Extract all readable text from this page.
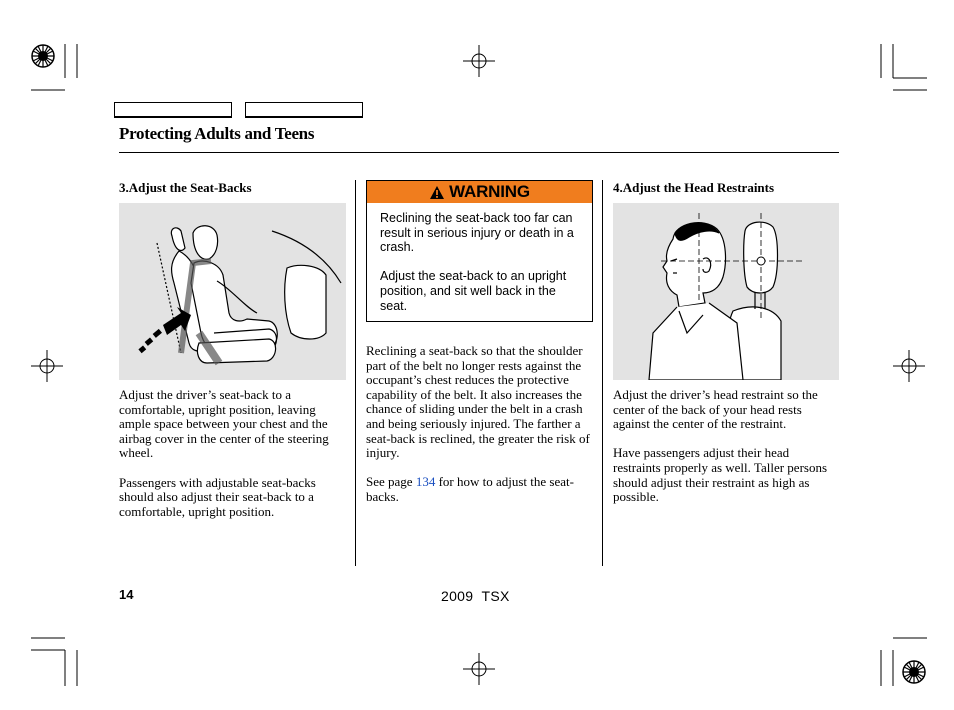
Protecting Adults and Teens
3.Adjust the Seat-Backs

Adjust the driver’s seat-back to a comfortable, upright position, leaving ample space between your chest and the airbag cover in the center of the steering wheel.

Passengers with adjustable seat-backs should also adjust their seat-back to a comfortable, upright position.

WARNING

Reclining the seat-back too far can result in serious injury or death in a crash.

Adjust the seat-back to an upright position, and sit well back in the seat.

Reclining a seat-back so that the shoulder part of the belt no longer rests against the occupant’s chest reduces the protective capability of the belt. It also increases the chance of sliding under the belt in a crash and being seriously injured. The farther a seat-back is reclined, the greater the risk of injury.

See page 134 for how to adjust the seat-backs.

4.Adjust the Head Restraints

Adjust the driver’s head restraint so the center of the back of your head rests against the center of the restraint.

Have passengers adjust their head restraints properly as well. Taller persons should adjust their restraint as high as possible.

14	2009  TSX
